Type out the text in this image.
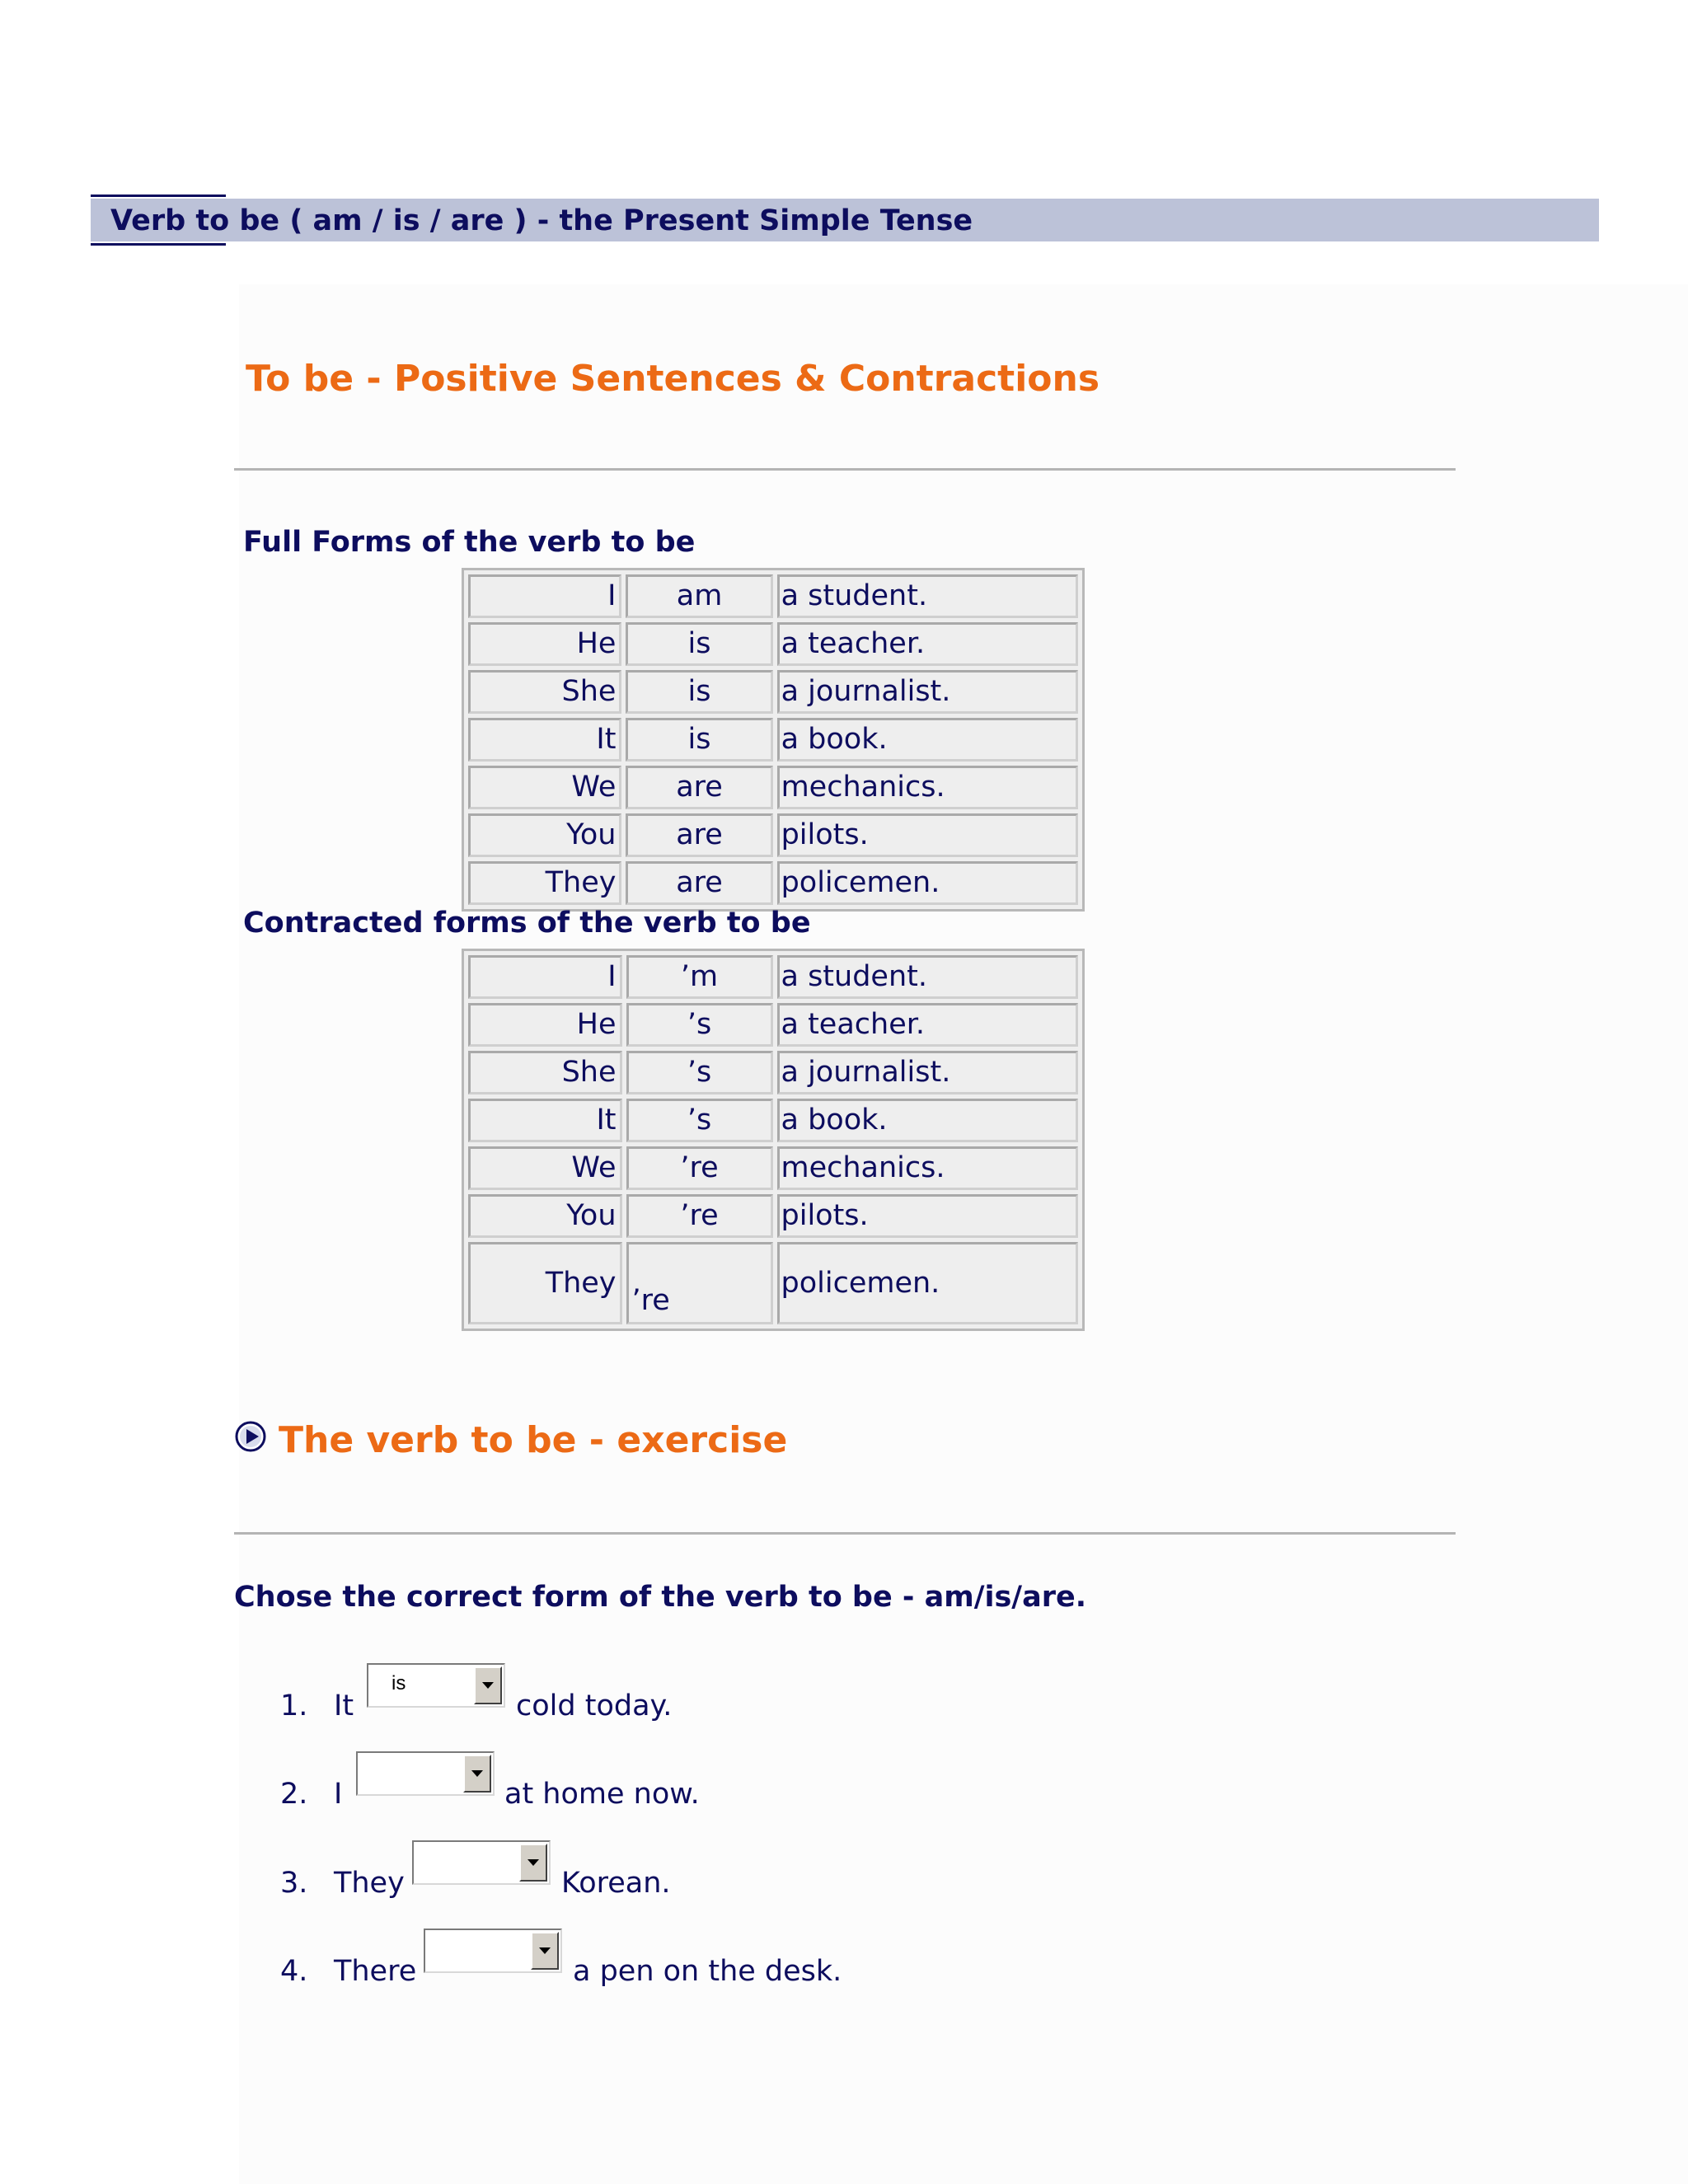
Verb to be ( am / is / are ) - the Present Simple Tense
To be - Positive Sentences & Contractions
Full Forms of the verb to be
I	am	a student.
He	is	a teacher.
She	is	a journalist.
It	is	a book.
We	are	mechanics.
You	are	pilots.
They	are	policemen.
Contracted forms of the verb to be
I	’m	a student.
He	’s	a teacher.
She	’s	a journalist.
It	’s	a book.
We	’re	mechanics.
You	’re	pilots.
They	’re	policemen.
The verb to be - exercise
Chose the correct form of the verb to be - am/is/are.
1. It
is
cold today.
2. I	at home now.
3. They	Korean.
4. There	a pen on the desk.
